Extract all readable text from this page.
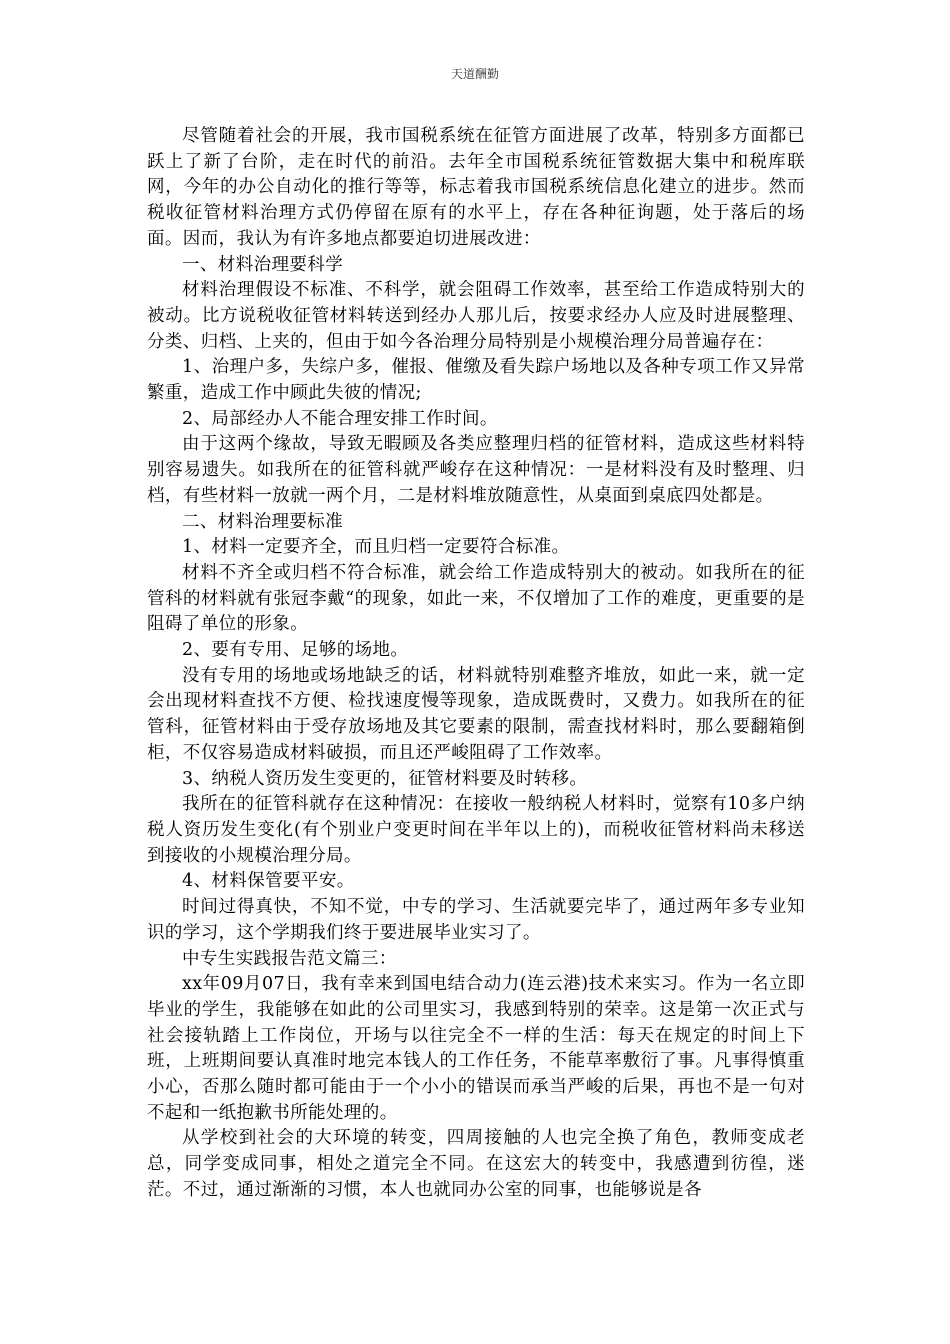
天道酬勤

尽管随着社会的开展，我市国税系统在征管方面进展了改革，特别多方面都已跃上了新了台阶，走在时代的前沿。去年全市国税系统征管数据大集中和税库联网，今年的办公自动化的推行等等，标志着我市国税系统信息化建立的进步。然而税收征管材料治理方式仍停留在原有的水平上，存在各种征询题，处于落后的场面。因而，我认为有许多地点都要迫切进展改进：

一、材料治理要科学

材料治理假设不标准、不科学，就会阻碍工作效率，甚至给工作造成特别大的被动。比方说税收征管材料转送到经办人那儿后，按要求经办人应及时进展整理、分类、归档、上夹的，但由于如今各治理分局特别是小规模治理分局普遍存在：

1、治理户多，失综户多，催报、催缴及看失踪户场地以及各种专项工作又异常繁重，造成工作中顾此失彼的情况;

2、局部经办人不能合理安排工作时间。

由于这两个缘故，导致无暇顾及各类应整理归档的征管材料，造成这些材料特别容易遗失。如我所在的征管科就严峻存在这种情况：一是材料没有及时整理、归档，有些材料一放就一两个月，二是材料堆放随意性，从桌面到桌底四处都是。

二、材料治理要标准

1、材料一定要齐全，而且归档一定要符合标准。

材料不齐全或归档不符合标准，就会给工作造成特别大的被动。如我所在的征管科的材料就有张冠李戴“的现象，如此一来，不仅增加了工作的难度，更重要的是阻碍了单位的形象。

2、要有专用、足够的场地。

没有专用的场地或场地缺乏的话，材料就特别难整齐堆放，如此一来，就一定会出现材料查找不方便、检找速度慢等现象，造成既费时，又费力。如我所在的征管科，征管材料由于受存放场地及其它要素的限制，需查找材料时，那么要翻箱倒柜，不仅容易造成材料破损，而且还严峻阻碍了工作效率。

3、纳税人资历发生变更的，征管材料要及时转移。

我所在的征管科就存在这种情况：在接收一般纳税人材料时，觉察有10多户纳税人资历发生变化(有个别业户变更时间在半年以上的)，而税收征管材料尚未移送到接收的小规模治理分局。

4、材料保管要平安。

时间过得真快，不知不觉，中专的学习、生活就要完毕了，通过两年多专业知识的学习，这个学期我们终于要进展毕业实习了。

中专生实践报告范文篇三：

xx年09月07日，我有幸来到国电结合动力(连云港)技术来实习。作为一名立即毕业的学生，我能够在如此的公司里实习，我感到特别的荣幸。这是第一次正式与社会接轨踏上工作岗位，开场与以往完全不一样的生活：每天在规定的时间上下班，上班期间要认真准时地完本钱人的工作任务，不能草率敷衍了事。凡事得慎重小心，否那么随时都可能由于一个小小的错误而承当严峻的后果，再也不是一句对不起和一纸抱歉书所能处理的。

从学校到社会的大环境的转变，四周接触的人也完全换了角色，教师变成老总，同学变成同事，相处之道完全不同。在这宏大的转变中，我感遭到彷徨，迷茫。不过，通过渐渐的习惯，本人也就同办公室的同事，也能够说是各
